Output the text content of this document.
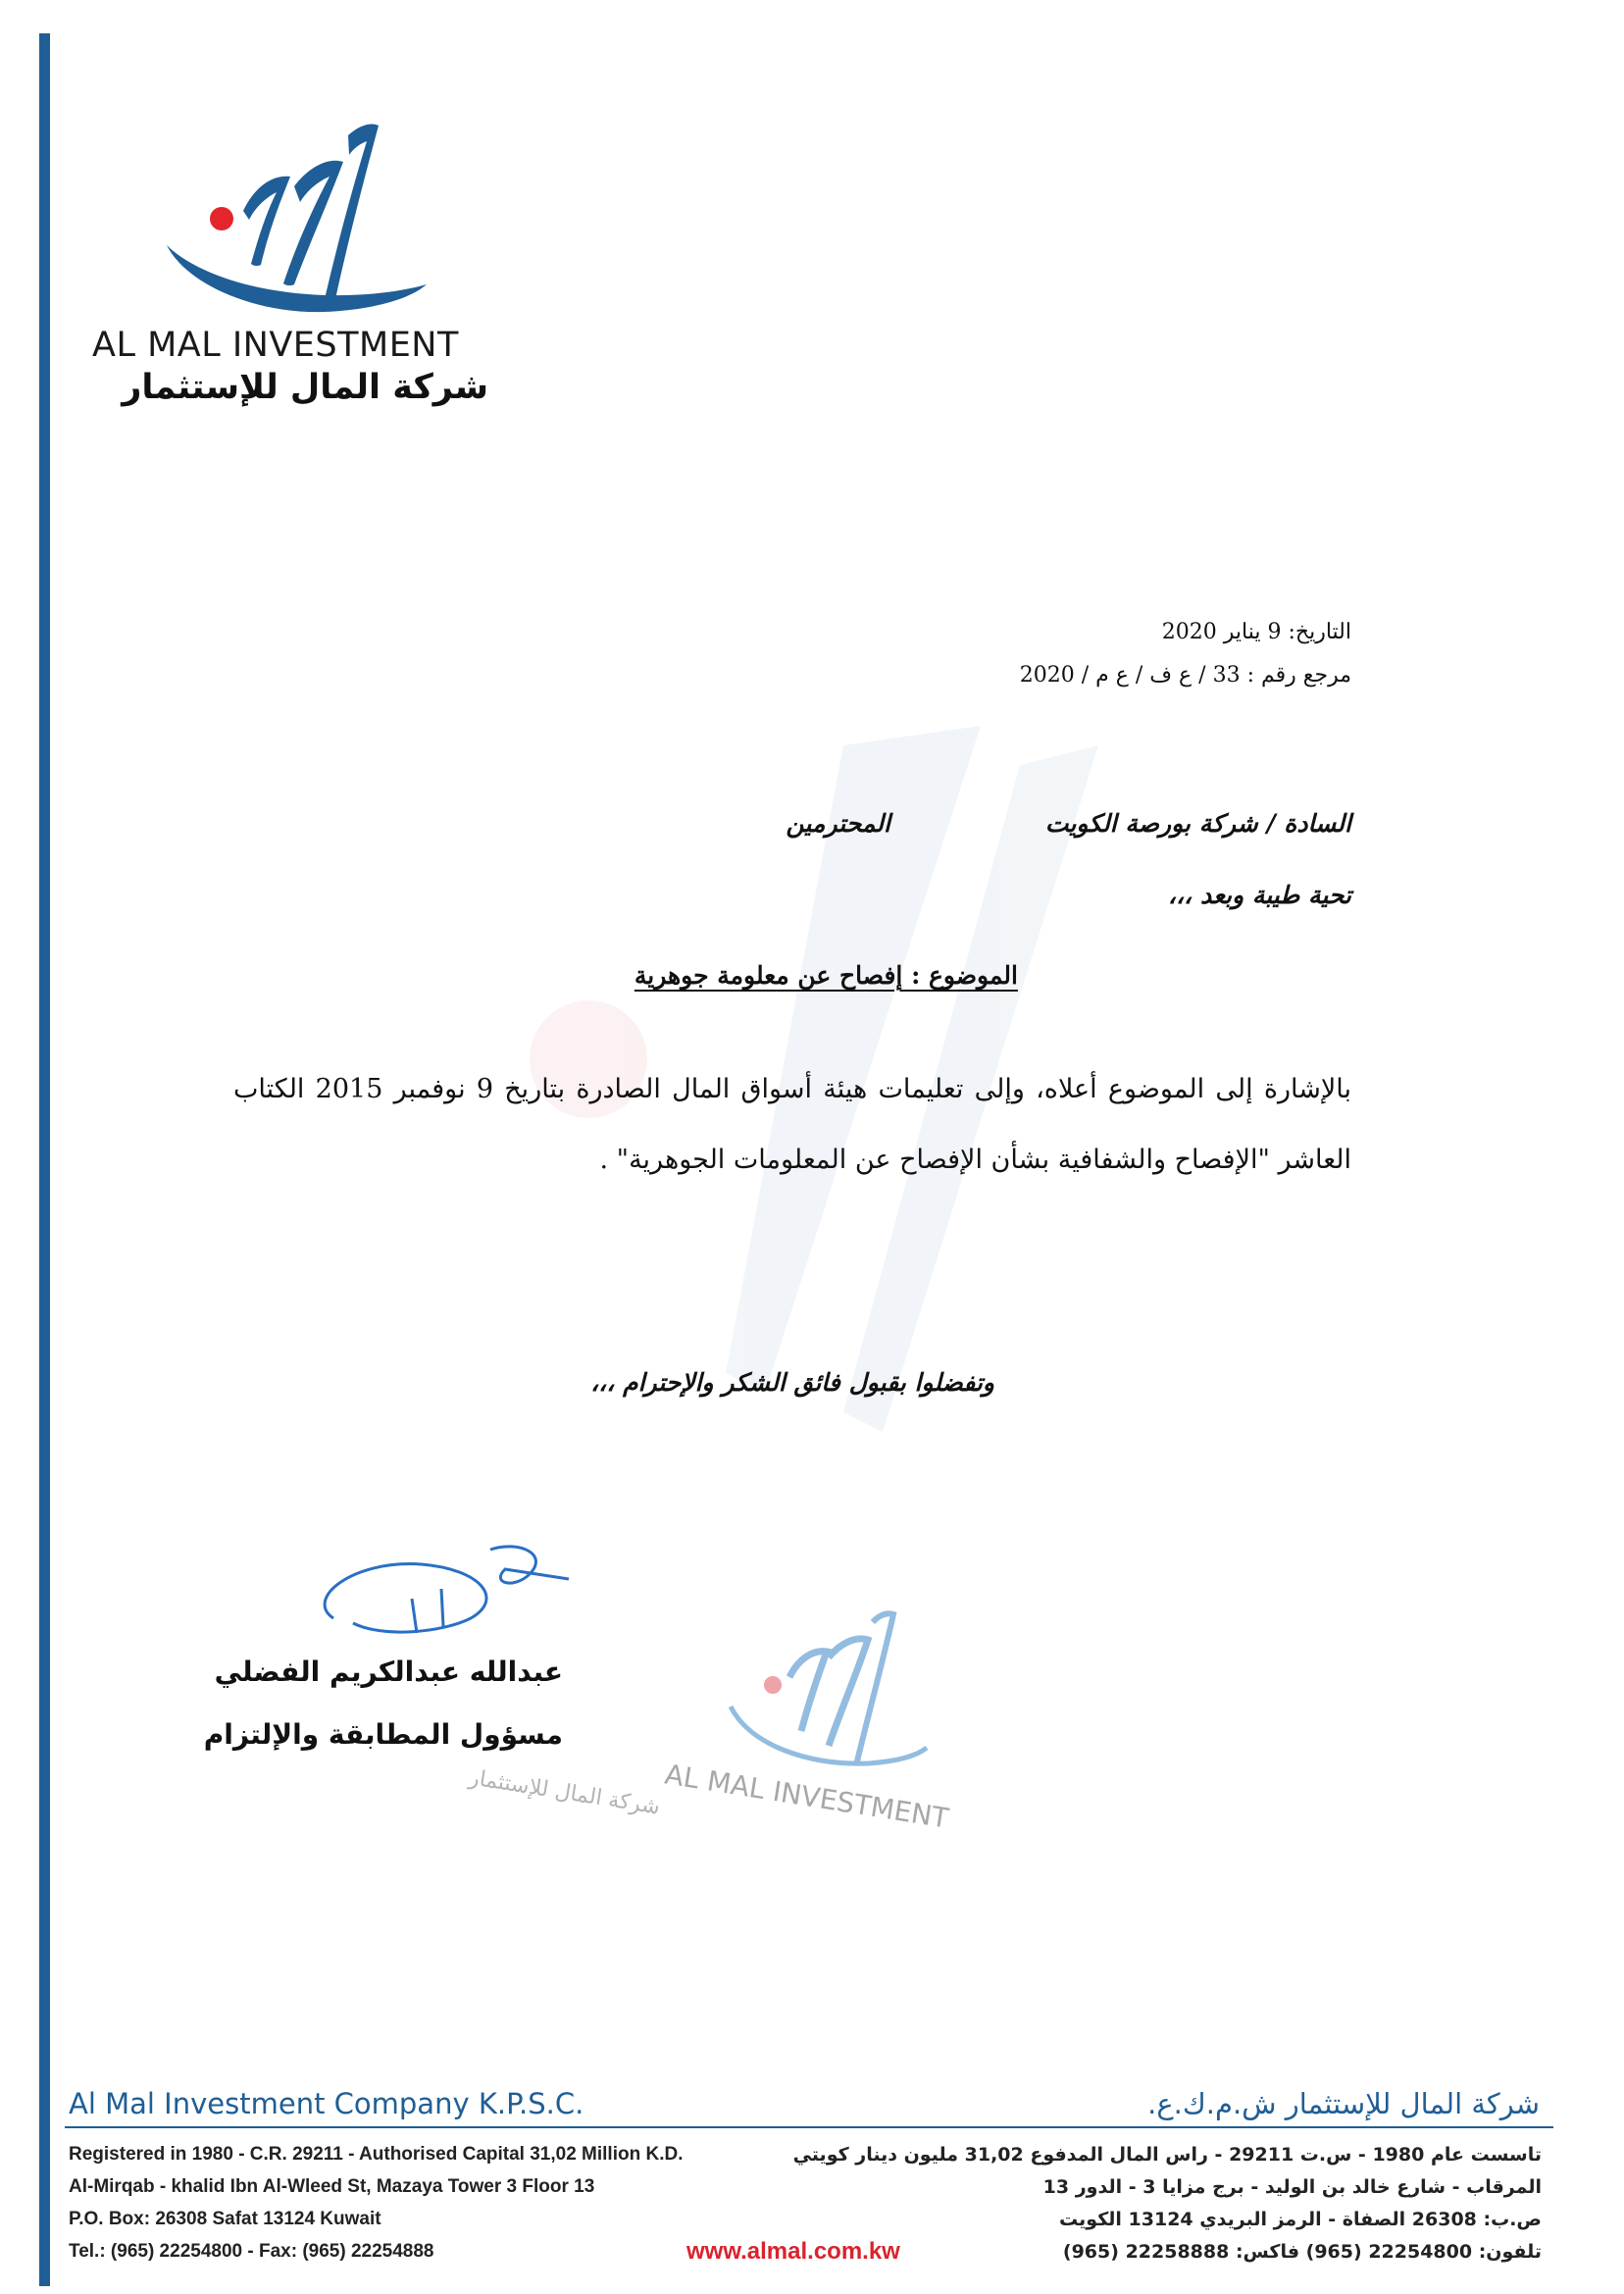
AL MAL INVESTMENT
شركة المال للإستثمار
التاريخ: 9 يناير 2020
مرجع رقم : 33 / ع ف / ع م / 2020
السادة / شركة بورصة الكويت
المحترمين
تحية طيبة وبعد ،،،
الموضوع : إفصاح عن معلومة جوهرية
بالإشارة إلى الموضوع أعلاه، وإلى تعليمات هيئة أسواق المال الصادرة بتاريخ 9 نوفمبر 2015 الكتاب العاشر "الإفصاح والشفافية بشأن الإفصاح عن المعلومات الجوهرية" .
وتفضلوا بقبول فائق الشكر والإحترام ،،،
عبدالله عبدالكريم الفضلي
مسؤول المطابقة والإلتزام
AL MAL INVESTMENT
شركة المال للإستثمار
Al Mal Investment Company K.P.S.C.	شركة المال للإستثمار ش.م.ك.ع.
Registered in 1980 - C.R. 29211 - Authorised Capital 31,02 Million K.D.
Al-Mirqab - khalid Ibn Al-Wleed St, Mazaya Tower 3 Floor 13
P.O. Box: 26308 Safat 13124 Kuwait
Tel.: (965) 22254800 - Fax: (965) 22254888
تاسست عام 1980 - س.ت 29211 - راس المال المدفوع 31,02 مليون دينار كويتي
المرقاب - شارع خالد بن الوليد - برج مزايا 3 - الدور 13
ص.ب: 26308 الصفاة - الرمز البريدي 13124 الكويت
تلفون: 22254800 (965) فاكس: 22258888 (965)
www.almal.com.kw
